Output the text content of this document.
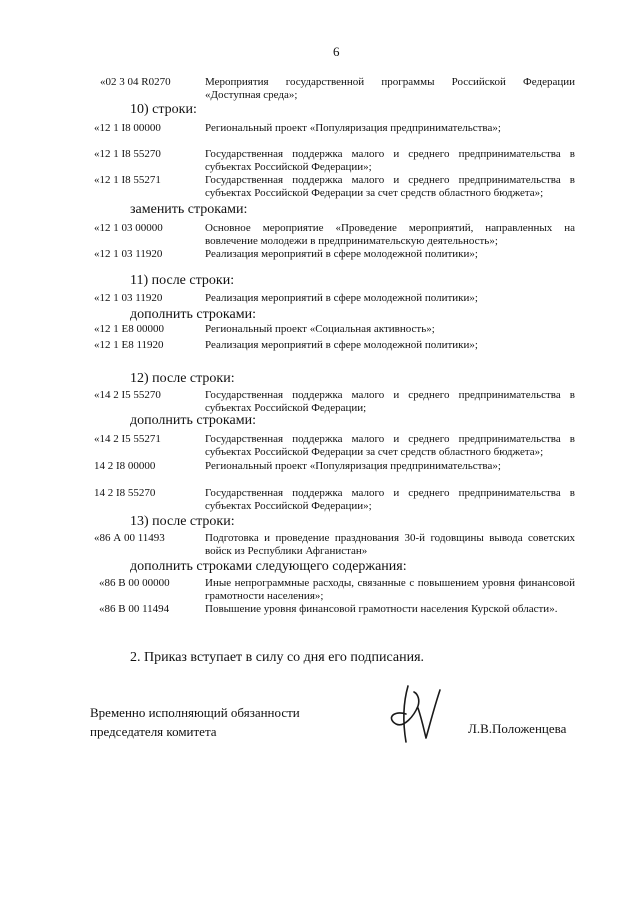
6
«02 3 04 R0270	Мероприятия государственной программы Российской Федерации «Доступная среда»;
10) строки:
«12 1 I8 00000	Региональный проект «Популяризация предпринимательства»;
«12 1 I8 55270	Государственная поддержка малого и среднего предпринимательства в субъектах Российской Федерации»;
«12 1 I8 55271	Государственная поддержка малого и среднего предпринимательства в субъектах Российской Федерации за счет средств областного бюджета»;
заменить строками:
«12 1 03 00000	Основное мероприятие «Проведение мероприятий, направленных на вовлечение молодежи в предпринимательскую деятельность»;
«12 1 03 11920	Реализация мероприятий в сфере молодежной политики»;
11) после строки:
«12 1 03 11920	Реализация мероприятий в сфере молодежной политики»;
дополнить строками:
«12 1 E8 00000	Региональный проект «Социальная активность»;
«12 1 E8 11920	Реализация мероприятий в сфере молодежной политики»;
12) после строки:
«14 2 I5 55270	Государственная поддержка малого и среднего предпринимательства в субъектах Российской Федерации;
дополнить строками:
«14 2 I5 55271	Государственная поддержка малого и среднего предпринимательства в субъектах Российской Федерации за счет средств областного бюджета»;
14 2 I8 00000	Региональный проект «Популяризация предпринимательства»;
14 2 I8 55270	Государственная поддержка малого и среднего предпринимательства в субъектах Российской Федерации»;
13) после строки:
«86 А 00 11493	Подготовка и проведение празднования 30-й годовщины вывода советских войск из Республики Афганистан»
дополнить строками следующего содержания:
«86 В 00 00000	Иные непрограммные расходы, связанные с повышением уровня финансовой грамотности населения»;
«86 В 00 11494	Повышение уровня финансовой грамотности населения Курской области».
2. Приказ вступает в силу со дня его подписания.
Временно исполняющий обязанности
председателя комитета	Л.В.Положенцева
